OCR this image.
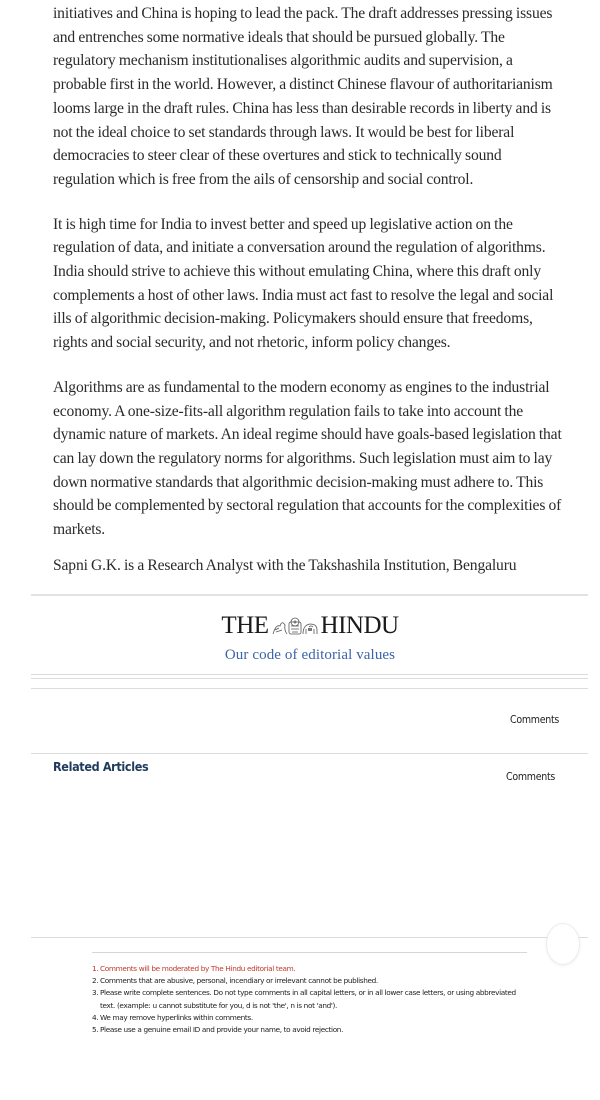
initiatives and China is hoping to lead the pack. The draft addresses pressing issues and entrenches some normative ideals that should be pursued globally. The regulatory mechanism institutionalises algorithmic audits and supervision, a probable first in the world. However, a distinct Chinese flavour of authoritarianism looms large in the draft rules. China has less than desirable records in liberty and is not the ideal choice to set standards through laws. It would be best for liberal democracies to steer clear of these overtures and stick to technically sound regulation which is free from the ails of censorship and social control.

It is high time for India to invest better and speed up legislative action on the regulation of data, and initiate a conversation around the regulation of algorithms. India should strive to achieve this without emulating China, where this draft only complements a host of other laws. India must act fast to resolve the legal and social ills of algorithmic decision-making. Policymakers should ensure that freedoms, rights and social security, and not rhetoric, inform policy changes.

Algorithms are as fundamental to the modern economy as engines to the industrial economy. A one-size-fits-all algorithm regulation fails to take into account the dynamic nature of markets. An ideal regime should have goals-based legislation that can lay down the regulatory norms for algorithms. Such legislation must aim to lay down normative standards that algorithmic decision-making must adhere to. This should be complemented by sectoral regulation that accounts for the complexities of markets.

Sapni G.K. is a Research Analyst with the Takshashila Institution, Bengaluru
THE HINDU
Our code of editorial values
Comments
Related Articles
Comments
1. Comments will be moderated by The Hindu editorial team.
2. Comments that are abusive, personal, incendiary or irrelevant cannot be published.
3. Please write complete sentences. Do not type comments in all capital letters, or in all lower case letters, or using abbreviated text. (example: u cannot substitute for you, d is not 'the', n is not 'and').
4. We may remove hyperlinks within comments.
5. Please use a genuine email ID and provide your name, to avoid rejection.
